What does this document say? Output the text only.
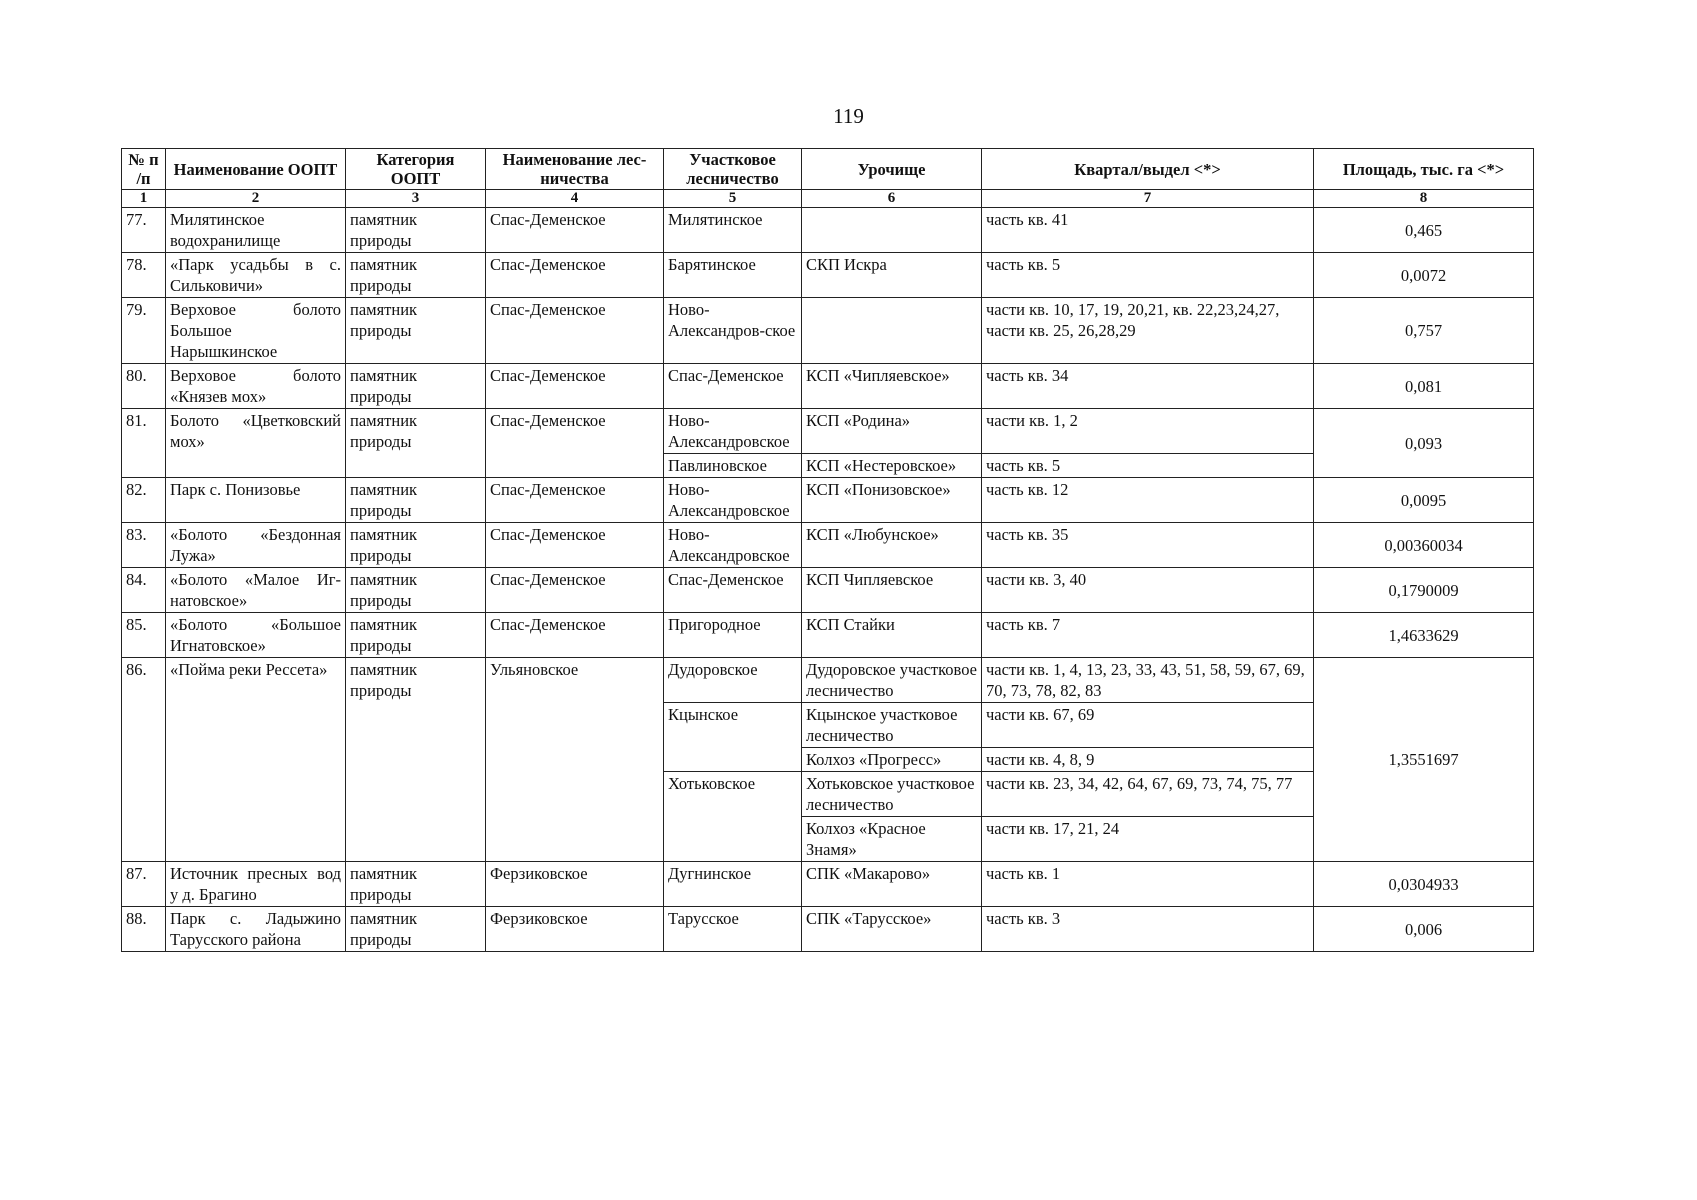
119
№ п /п	Наименование ООПТ	Категория ООПТ	Наименование лес-ничества	Участковое лесничество	Урочище	Квартал/выдел <*>	Площадь, тыс. га <*>
1	2	3	4	5	6	7	8
77.	Милятинское водохранилище	памятник природы	Спас-Деменское	Милятинское		часть кв. 41	0,465
78.	«Парк усадьбы в с. Сильковичи»	памятник природы	Спас-Деменское	Барятинское	СКП Искра	часть кв. 5	0,0072
79.	Верховое болото Большое Нарышкинское	памятник природы	Спас-Деменское	Ново-Александров-ское		части кв. 10, 17, 19, 20,21, кв. 22,23,24,27, части кв. 25, 26,28,29	0,757
80.	Верховое болото «Князев мох»	памятник природы	Спас-Деменское	Спас-Деменское	КСП «Чипляевское»	часть кв. 34	0,081
81.	Болото «Цветковский мох»	памятник природы	Спас-Деменское	Ново-Александровское	КСП «Родина»	части кв. 1, 2	0,093
				Павлиновское	КСП «Нестеровское»	часть кв. 5	
82.	Парк с. Понизовье	памятник природы	Спас-Деменское	Ново-Александровское	КСП «Понизовское»	часть кв. 12	0,0095
83.	«Болото «Бездонная Лужа»	памятник природы	Спас-Деменское	Ново-Александровское	КСП «Любунское»	часть кв. 35	0,00360034
84.	«Болото «Малое Иг-натовское»	памятник природы	Спас-Деменское	Спас-Деменское	КСП Чипляевское	части кв. 3, 40	0,1790009
85.	«Болото «Большое Игнатовское»	памятник природы	Спас-Деменское	Пригородное	КСП Стайки	часть кв. 7	1,4633629
86.	«Пойма реки Рессета»	памятник природы	Ульяновское	Дудоровское	Дудоровское участковое лесничество	части кв. 1, 4, 13, 23, 33, 43, 51, 58, 59, 67, 69, 70, 73, 78, 82, 83	1,3551697
				Кцынское	Кцынское участковое лесничество	части кв. 67, 69	
					Колхоз «Прогресс»	части кв. 4, 8, 9	
				Хотьковское	Хотьковское участковое лесничество	части кв. 23, 34, 42, 64, 67, 69, 73, 74, 75, 77	
					Колхоз «Красное Знамя»	части кв. 17, 21, 24	
87.	Источник пресных вод у д. Брагино	памятник природы	Ферзиковское	Дугнинское	СПК «Макарово»	часть кв. 1	0,0304933
88.	Парк с. Ладыжино Тарусского района	памятник природы	Ферзиковское	Тарусское	СПК «Тарусское»	часть кв. 3	0,006
